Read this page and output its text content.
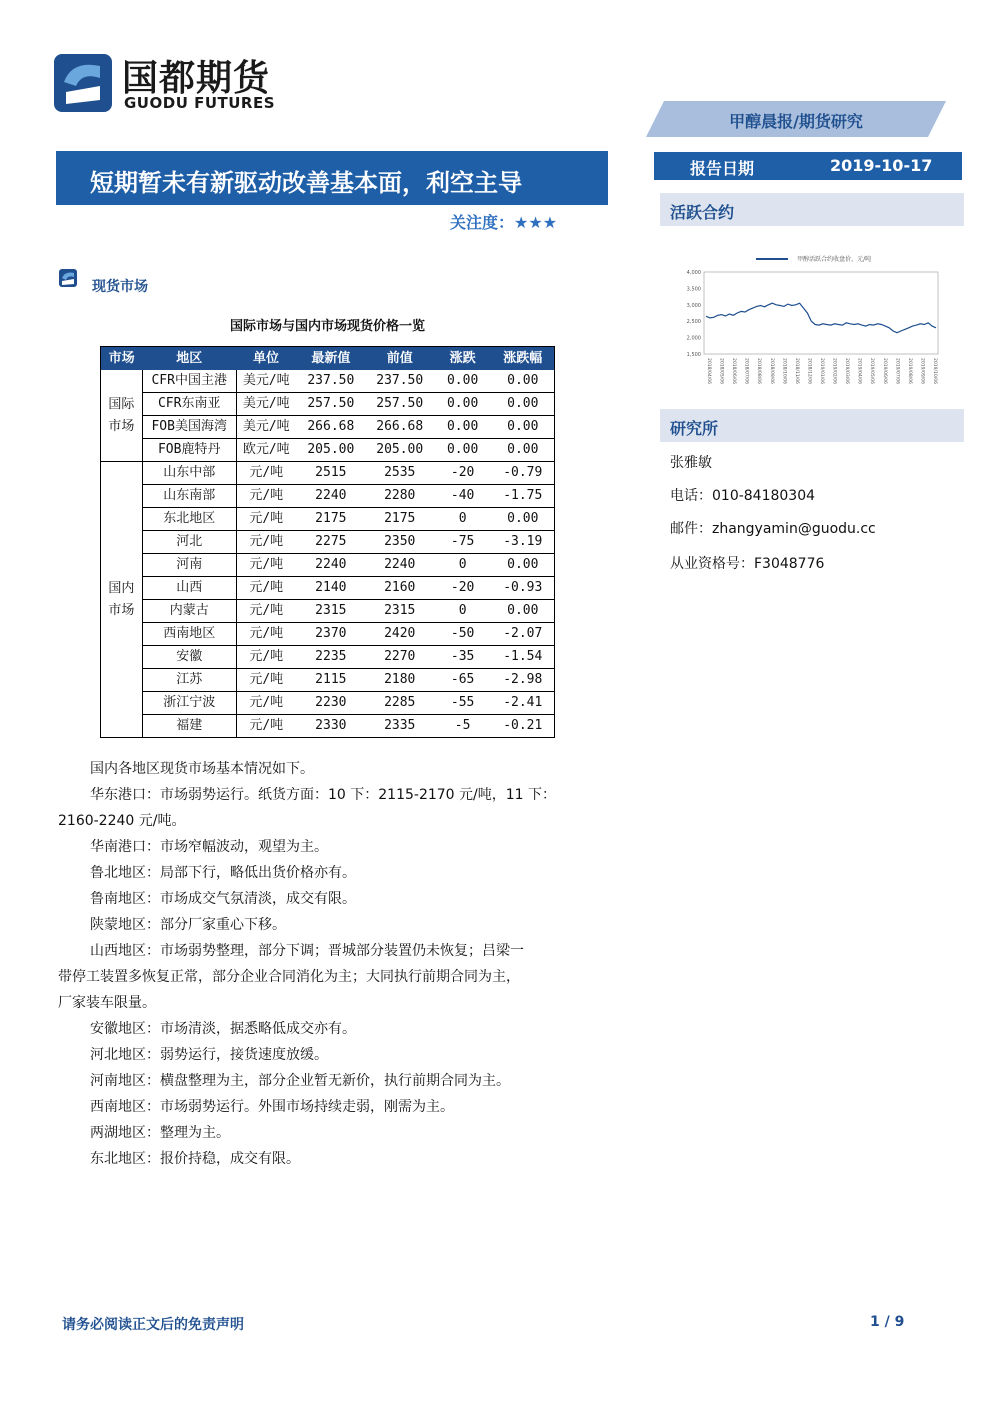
国都期货
GUODU FUTURES
甲醇晨报/期货研究
短期暂未有新驱动改善基本面，利空主导
关注度：★★★
报告日期	2019-10-17
活跃合约
甲醇活跃合约收盘价，元/吨
4,000
3,500
3,000
2,500
2,000
1,500
2018/04/06 2018/05/06 2018/06/06 2018/07/06 2018/08/06 2018/09/06 2018/10/06 2018/11/06 2018/12/06 2019/01/06 2019/02/06 2019/03/06 2019/04/06 2019/05/06 2019/06/06 2019/07/06 2019/08/06 2019/09/06 2019/10/06
研究所
张雅敏
电话：010-84180304
邮件：zhangyamin@guodu.cc
从业资格号：F3048776
现货市场
国际市场与国内市场现货价格一览
市场	地区	单位	最新值	前值	涨跌	涨跌幅

国际
市场	CFR中国主港	美元/吨	237.50	237.50	0.00	0.00
	CFR东南亚	美元/吨	257.50	257.50	0.00	0.00
	FOB美国海湾	美元/吨	266.68	266.68	0.00	0.00
	FOB鹿特丹	欧元/吨	205.00	205.00	0.00	0.00

国内
市场	山东中部	元/吨	2515	2535	-20	-0.79
	山东南部	元/吨	2240	2280	-40	-1.75
	东北地区	元/吨	2175	2175	0	0.00
	河北	元/吨	2275	2350	-75	-3.19
	河南	元/吨	2240	2240	0	0.00
	山西	元/吨	2140	2160	-20	-0.93
	内蒙古	元/吨	2315	2315	0	0.00
	西南地区	元/吨	2370	2420	-50	-2.07
	安徽	元/吨	2235	2270	-35	-1.54
	江苏	元/吨	2115	2180	-65	-2.98
	浙江宁波	元/吨	2230	2285	-55	-2.41
	福建	元/吨	2330	2335	-5	-0.21
国内各地区现货市场基本情况如下。
华东港口：市场弱势运行。纸货方面：10 下：2115-2170 元/吨，11 下：
2160-2240 元/吨。
华南港口：市场窄幅波动，观望为主。
鲁北地区：局部下行，略低出货价格亦有。
鲁南地区：市场成交气氛清淡，成交有限。
陕蒙地区：部分厂家重心下移。
山西地区：市场弱势整理，部分下调；晋城部分装置仍未恢复；吕梁一
带停工装置多恢复正常，部分企业合同消化为主；大同执行前期合同为主，
厂家装车限量。
安徽地区：市场清淡，据悉略低成交亦有。
河北地区：弱势运行，接货速度放缓。
河南地区：横盘整理为主，部分企业暂无新价，执行前期合同为主。
西南地区：市场弱势运行。外围市场持续走弱，刚需为主。
两湖地区：整理为主。
东北地区：报价持稳，成交有限。
请务必阅读正文后的免责声明	1 / 9
